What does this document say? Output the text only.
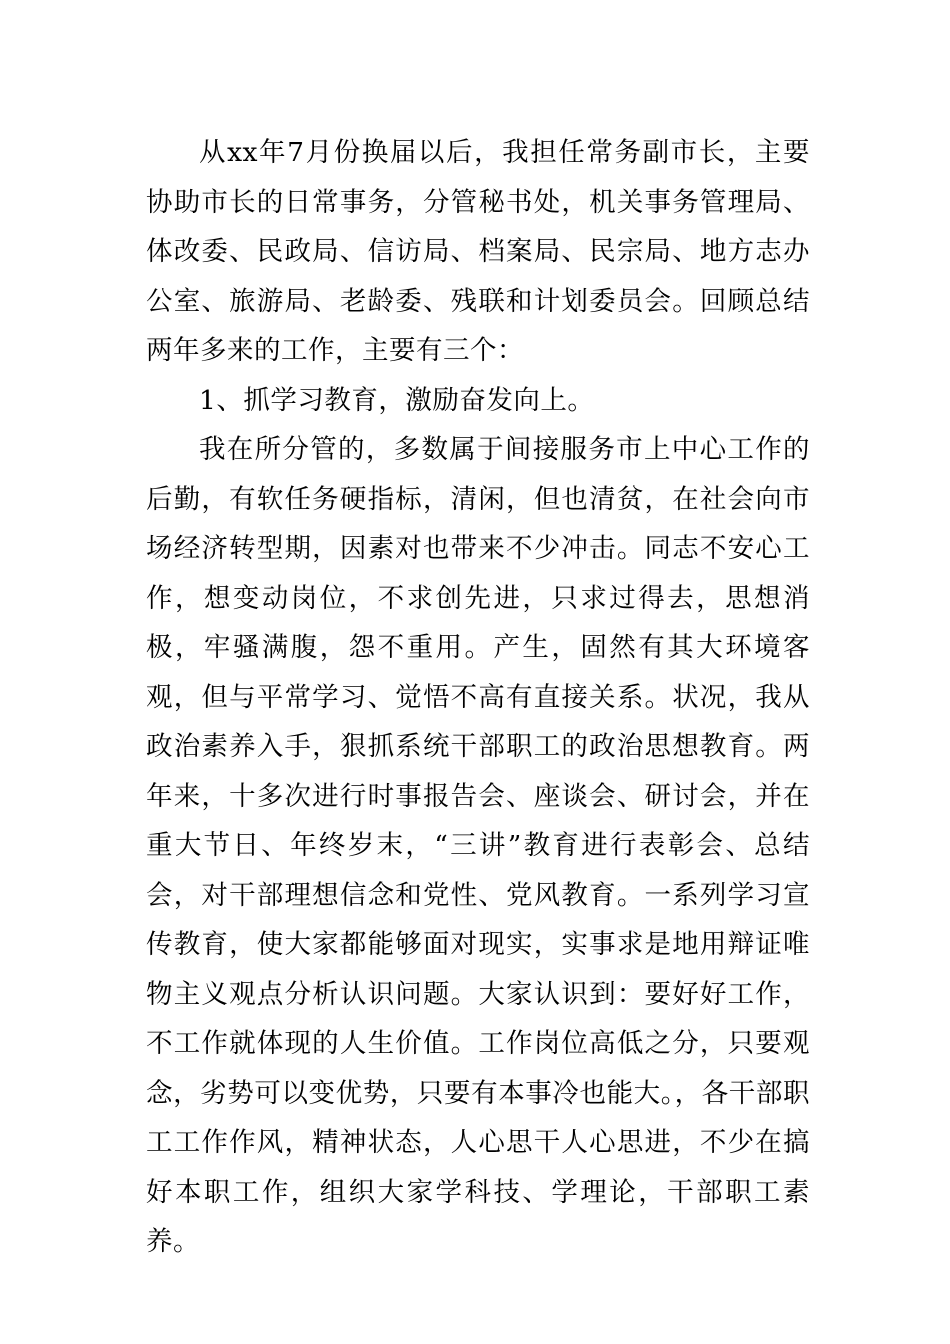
从xx年7月份换届以后，我担任常务副市长，主要协助市长的日常事务，分管秘书处，机关事务管理局、体改委、民政局、信访局、档案局、民宗局、地方志办公室、旅游局、老龄委、残联和计划委员会。回顾总结两年多来的工作，主要有三个：

1、抓学习教育，激励奋发向上。

我在所分管的，多数属于间接服务市上中心工作的后勤，有软任务硬指标，清闲，但也清贫，在社会向市场经济转型期，因素对也带来不少冲击。同志不安心工作，想变动岗位，不求创先进，只求过得去，思想消极，牢骚满腹，怨不重用。产生，固然有其大环境客观，但与平常学习、觉悟不高有直接关系。状况，我从政治素养入手，狠抓系统干部职工的政治思想教育。两年来，十多次进行时事报告会、座谈会、研讨会，并在重大节日、年终岁末，“三讲”教育进行表彰会、总结会，对干部理想信念和党性、党风教育。一系列学习宣传教育，使大家都能够面对现实，实事求是地用辩证唯物主义观点分析认识问题。大家认识到：要好好工作，不工作就体现的人生价值。工作岗位高低之分，只要观念，劣势可以变优势，只要有本事冷也能大。，各干部职工工作作风，精神状态，人心思干人心思进，不少在搞好本职工作，组织大家学科技、学理论，干部职工素养。
